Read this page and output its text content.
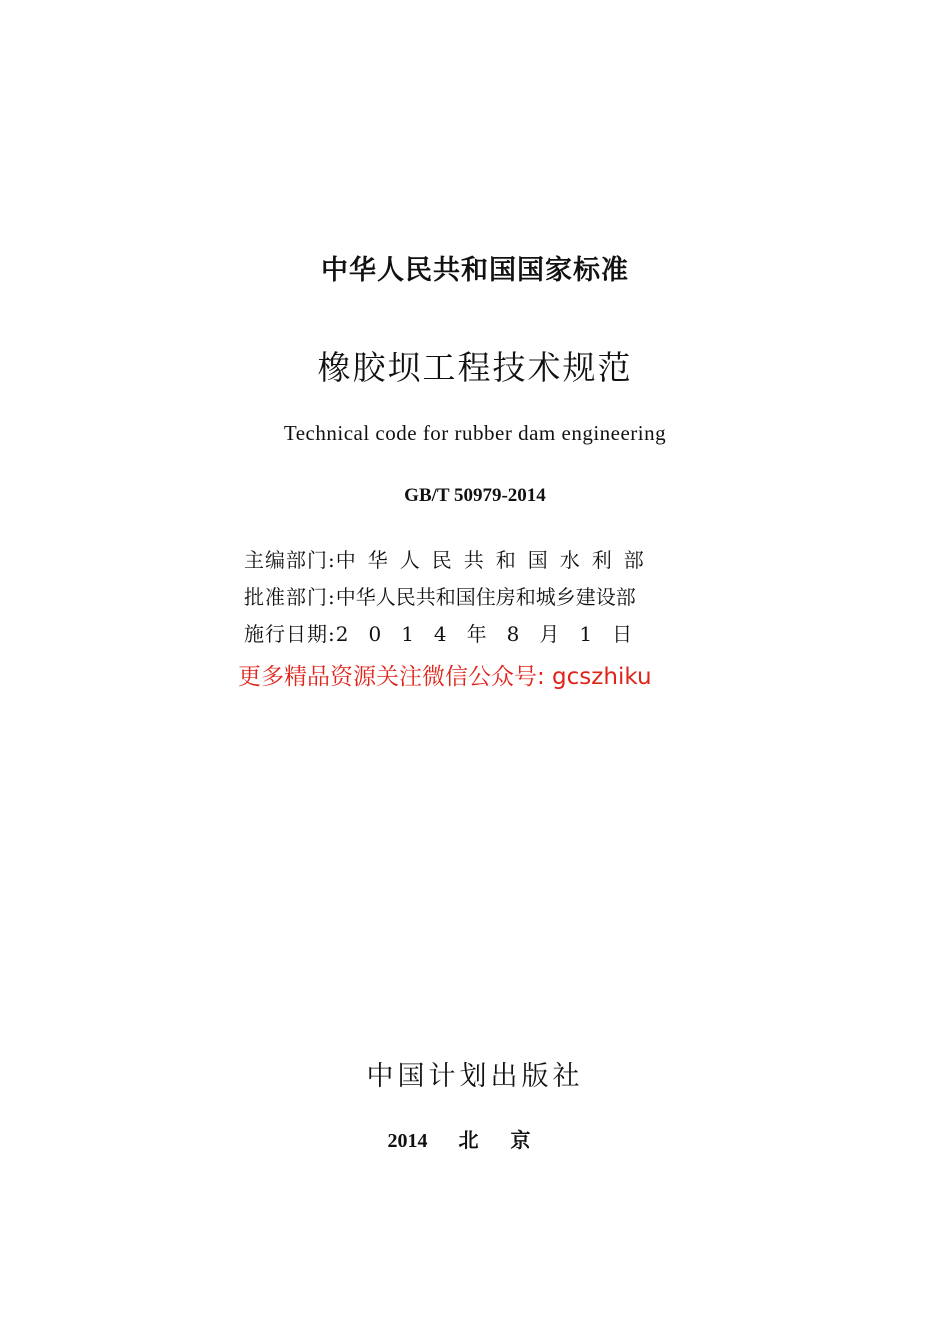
中华人民共和国国家标准
橡胶坝工程技术规范
Technical code for rubber dam engineering
GB/T 50979-2014
主编部门: 中华人民共和国水利部
批准部门: 中华人民共和国住房和城乡建设部
施行日期: 2014年8月1日
更多精品资源关注微信公众号: gcszhiku
中国计划出版社
2014 北京
